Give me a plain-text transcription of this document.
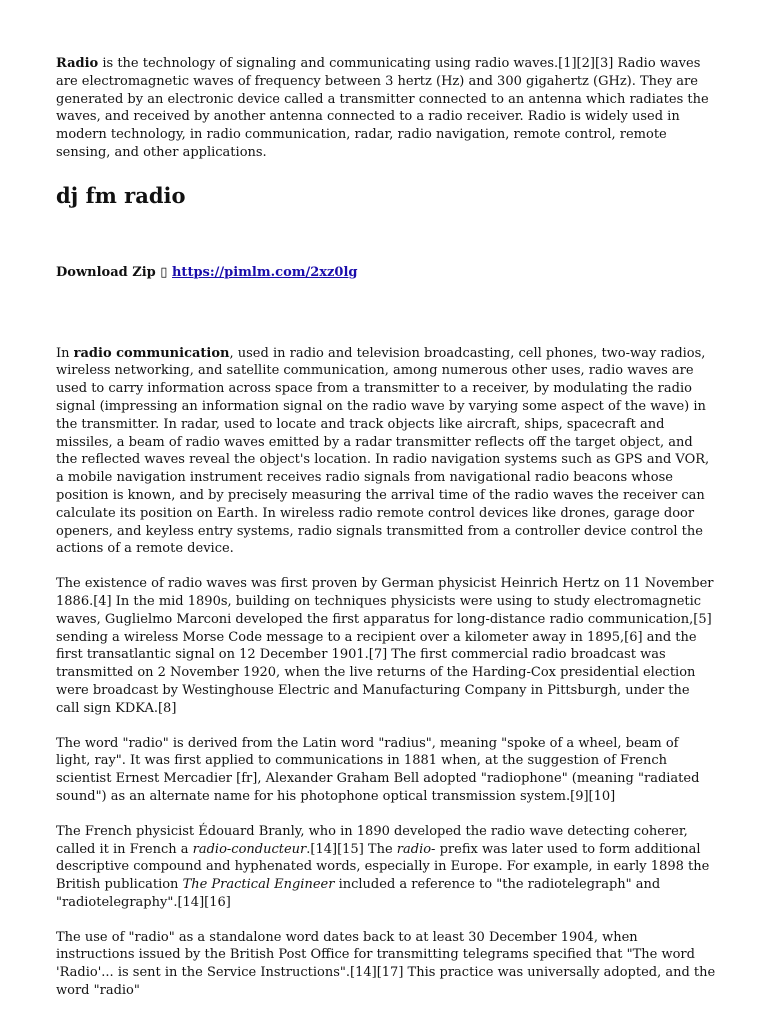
Radio is the technology of signaling and communicating using radio waves.[1][2][3] Radio waves are electromagnetic waves of frequency between 3 hertz (Hz) and 300 gigahertz (GHz). They are generated by an electronic device called a transmitter connected to an antenna which radiates the waves, and received by another antenna connected to a radio receiver. Radio is widely used in modern technology, in radio communication, radar, radio navigation, remote control, remote sensing, and other applications.

dj fm radio

Download Zip ▯ https://pimlm.com/2xz0lg

In radio communication, used in radio and television broadcasting, cell phones, two-way radios, wireless networking, and satellite communication, among numerous other uses, radio waves are used to carry information across space from a transmitter to a receiver, by modulating the radio signal (impressing an information signal on the radio wave by varying some aspect of the wave) in the transmitter. In radar, used to locate and track objects like aircraft, ships, spacecraft and missiles, a beam of radio waves emitted by a radar transmitter reflects off the target object, and the reflected waves reveal the object's location. In radio navigation systems such as GPS and VOR, a mobile navigation instrument receives radio signals from navigational radio beacons whose position is known, and by precisely measuring the arrival time of the radio waves the receiver can calculate its position on Earth. In wireless radio remote control devices like drones, garage door openers, and keyless entry systems, radio signals transmitted from a controller device control the actions of a remote device.

The existence of radio waves was first proven by German physicist Heinrich Hertz on 11 November 1886.[4] In the mid 1890s, building on techniques physicists were using to study electromagnetic waves, Guglielmo Marconi developed the first apparatus for long-distance radio communication,[5] sending a wireless Morse Code message to a recipient over a kilometer away in 1895,[6] and the first transatlantic signal on 12 December 1901.[7] The first commercial radio broadcast was transmitted on 2 November 1920, when the live returns of the Harding-Cox presidential election were broadcast by Westinghouse Electric and Manufacturing Company in Pittsburgh, under the call sign KDKA.[8]

The word "radio" is derived from the Latin word "radius", meaning "spoke of a wheel, beam of light, ray". It was first applied to communications in 1881 when, at the suggestion of French scientist Ernest Mercadier [fr], Alexander Graham Bell adopted "radiophone" (meaning "radiated sound") as an alternate name for his photophone optical transmission system.[9][10]

The French physicist Édouard Branly, who in 1890 developed the radio wave detecting coherer, called it in French a radio-conducteur.[14][15] The radio- prefix was later used to form additional descriptive compound and hyphenated words, especially in Europe. For example, in early 1898 the British publication The Practical Engineer included a reference to "the radiotelegraph" and "radiotelegraphy".[14][16]

The use of "radio" as a standalone word dates back to at least 30 December 1904, when instructions issued by the British Post Office for transmitting telegrams specified that "The word 'Radio'... is sent in the Service Instructions".[14][17] This practice was universally adopted, and the word "radio"
